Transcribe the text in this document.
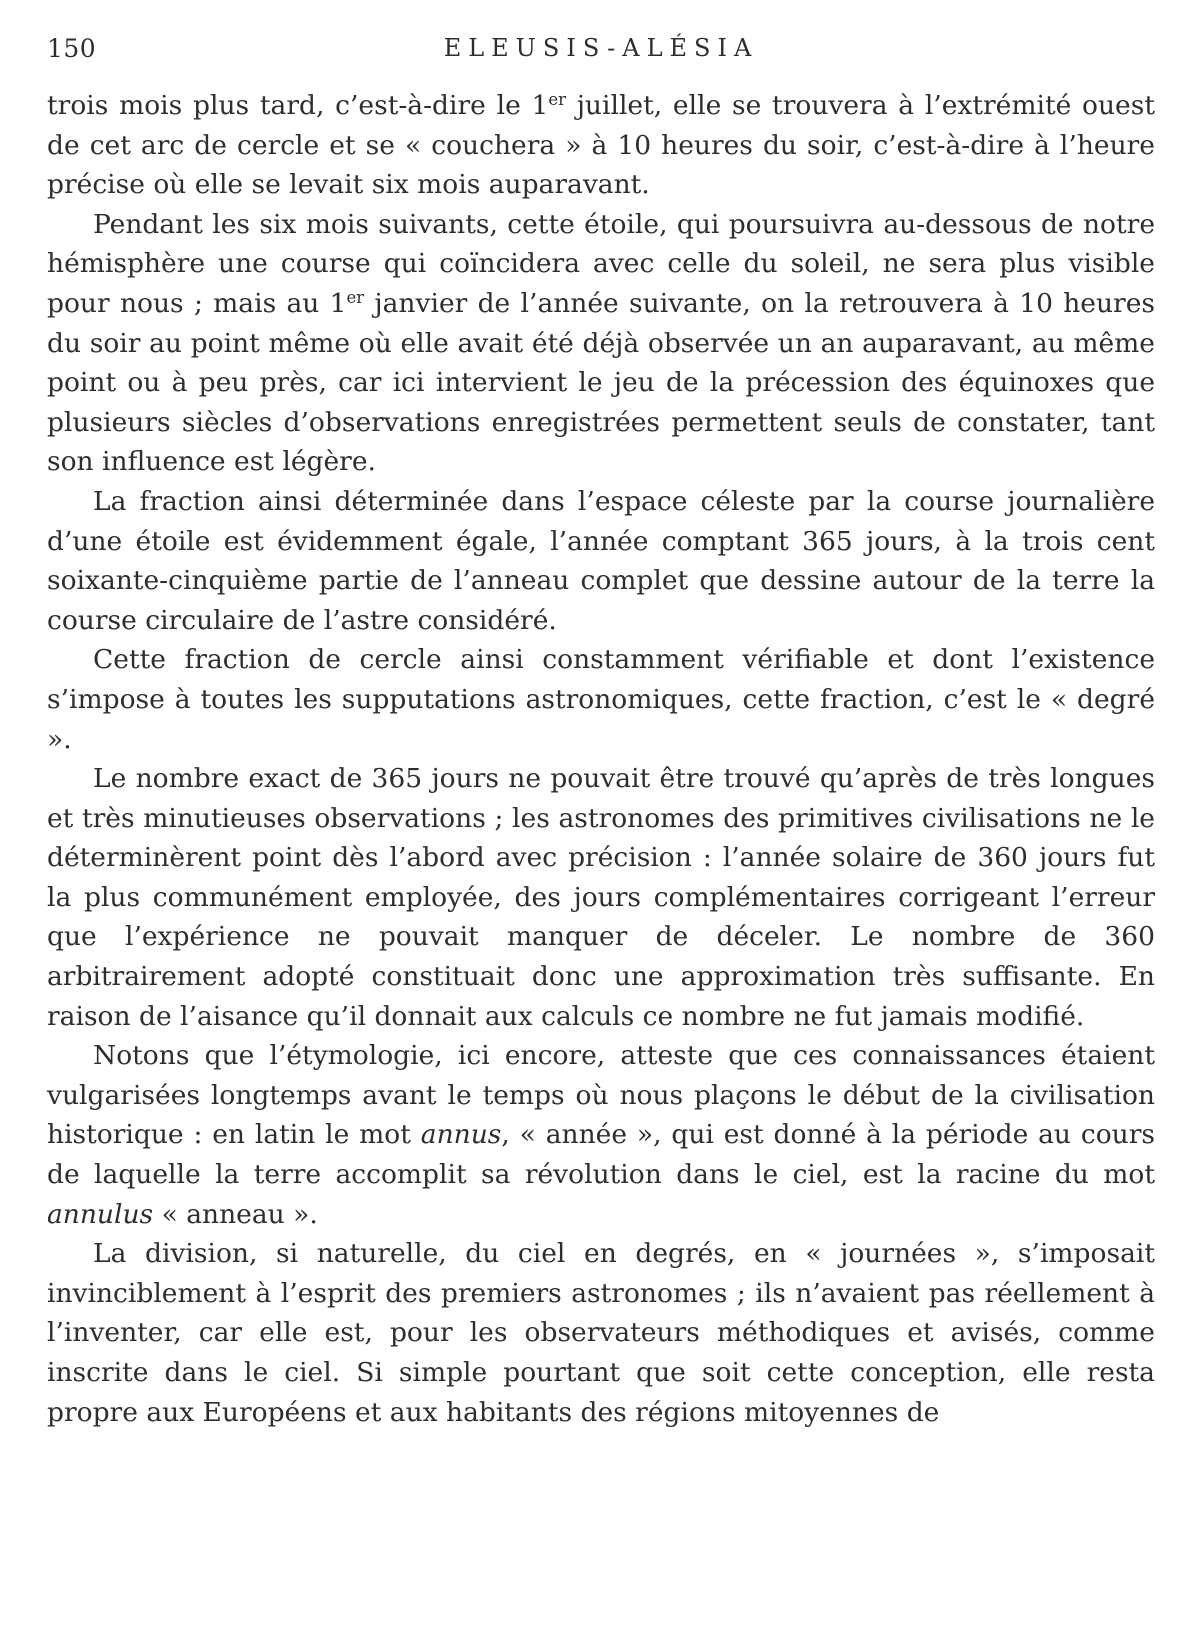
150	ELEUSIS-ALÉSIA

trois mois plus tard, c’est-à-dire le 1er juillet, elle se trouvera à l’extrémité ouest de cet arc de cercle et se « couchera » à 10 heures du soir, c’est-à-dire à l’heure précise où elle se levait six mois auparavant.

Pendant les six mois suivants, cette étoile, qui poursuivra au-dessous de notre hémisphère une course qui coïncidera avec celle du soleil, ne sera plus visible pour nous ; mais au 1er janvier de l’année suivante, on la retrouvera à 10 heures du soir au point même où elle avait été déjà observée un an auparavant, au même point ou à peu près, car ici intervient le jeu de la précession des équinoxes que plusieurs siècles d’observations enregistrées permettent seuls de constater, tant son influence est légère.

La fraction ainsi déterminée dans l’espace céleste par la course journalière d’une étoile est évidemment égale, l’année comptant 365 jours, à la trois cent soixante-cinquième partie de l’anneau complet que dessine autour de la terre la course circulaire de l’astre considéré.

Cette fraction de cercle ainsi constamment vérifiable et dont l’existence s’impose à toutes les supputations astronomiques, cette fraction, c’est le « degré ».

Le nombre exact de 365 jours ne pouvait être trouvé qu’après de très longues et très minutieuses observations ; les astronomes des primitives civilisations ne le déterminèrent point dès l’abord avec précision : l’année solaire de 360 jours fut la plus communément employée, des jours complémentaires corrigeant l’erreur que l’expérience ne pouvait manquer de déceler. Le nombre de 360 arbitrairement adopté constituait donc une approximation très suffisante. En raison de l’aisance qu’il donnait aux calculs ce nombre ne fut jamais modifié.

Notons que l’étymologie, ici encore, atteste que ces connaissances étaient vulgarisées longtemps avant le temps où nous plaçons le début de la civilisation historique : en latin le mot annus, « année », qui est donné à la période au cours de laquelle la terre accomplit sa révolution dans le ciel, est la racine du mot annulus « anneau ».

La division, si naturelle, du ciel en degrés, en « journées », s’imposait invinciblement à l’esprit des premiers astronomes ; ils n’avaient pas réellement à l’inventer, car elle est, pour les observateurs méthodiques et avisés, comme inscrite dans le ciel. Si simple pourtant que soit cette conception, elle resta propre aux Européens et aux habitants des régions mitoyennes de
